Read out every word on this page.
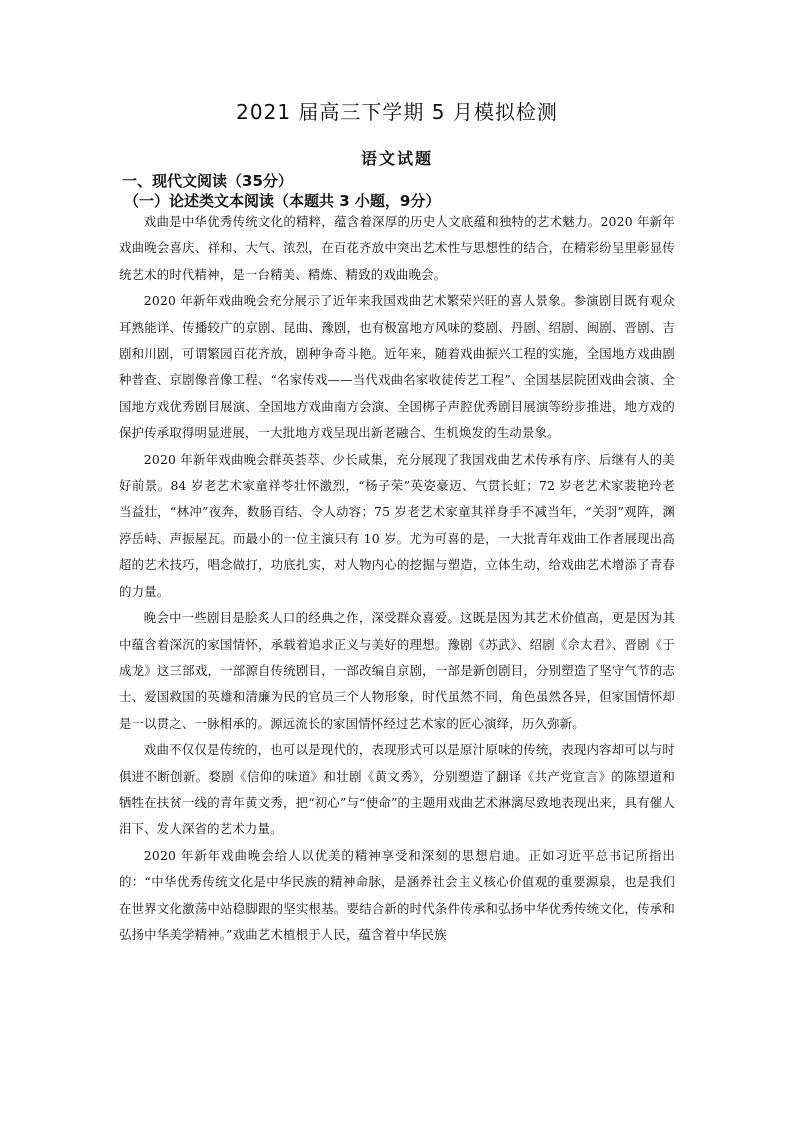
2021 届高三下学期 5 月模拟检测
语文试题
一、现代文阅读（35分）
（一）论述类文本阅读（本题共 3 小题，9分）

戏曲是中华优秀传统文化的精粹，蕴含着深厚的历史人文底蕴和独特的艺术魅力。2020 年新年戏曲晚会喜庆、祥和、大气、浓烈，在百花齐放中突出艺术性与思想性的结合，在精彩纷呈里彰显传统艺术的时代精神，是一台精美、精炼、精致的戏曲晚会。

2020 年新年戏曲晚会充分展示了近年来我国戏曲艺术繁荣兴旺的喜人景象。参演剧目既有观众耳熟能详、传播较广的京剧、昆曲、豫剧，也有极富地方风味的婺剧、丹剧、绍剧、闽剧、晋剧、吉剧和川剧，可谓繁园百花齐放，剧种争奇斗艳。近年来，随着戏曲振兴工程的实施，全国地方戏曲剧种普查、京剧像音像工程、“名家传戏——当代戏曲名家收徒传艺工程”、全国基层院团戏曲会演、全国地方戏优秀剧目展演、全国地方戏曲南方会演、全国梆子声腔优秀剧目展演等纷步推进，地方戏的保护传承取得明显进展，一大批地方戏呈现出新老融合、生机焕发的生动景象。

2020 年新年戏曲晚会群英荟萃、少长咸集，充分展现了我国戏曲艺术传承有序、后继有人的美好前景。84 岁老艺术家童祥苓壮怀激烈，“杨子荣”英姿豪迈、气贯长虹；72 岁老艺术家裴艳玲老当益壮，“林冲”夜奔，数肠百结、令人动容；75 岁老艺术家童其祥身手不减当年，“关羽”观阵，渊渟岳峙、声振屋瓦。而最小的一位主演只有 10 岁。尤为可喜的是，一大批青年戏曲工作者展现出高超的艺术技巧，唱念做打，功底扎实，对人物内心的挖掘与塑造，立体生动，给戏曲艺术增添了青春的力量。

晚会中一些剧目是脍炙人口的经典之作，深受群众喜爱。这既是因为其艺术价值高，更是因为其中蕴含着深沉的家国情怀，承载着追求正义与美好的理想。豫剧《苏武》、绍剧《佘太君》、晋剧《于成龙》这三部戏，一部源自传统剧目，一部改编自京剧，一部是新创剧目，分别塑造了坚守气节的志士、爱国救国的英雄和清廉为民的官员三个人物形象，时代虽然不同，角色虽然各异，但家国情怀却是一以贯之、一脉相承的。源远流长的家国情怀经过艺术家的匠心演绎，历久弥新。

戏曲不仅仅是传统的，也可以是现代的，表现形式可以是原汁原味的传统，表现内容却可以与时俱进不断创新。婺剧《信仰的味道》和壮剧《黄文秀》，分别塑造了翻译《共产党宣言》的陈望道和牺牲在扶贫一线的青年黄文秀，把“初心”与“使命”的主题用戏曲艺术淋漓尽致地表现出来，具有催人泪下、发人深省的艺术力量。

2020 年新年戏曲晚会给人以优美的精神享受和深刻的思想启迪。正如习近平总书记所指出的：“中华优秀传统文化是中华民族的精神命脉，是涵养社会主义核心价值观的重要源泉，也是我们在世界文化激荡中站稳脚跟的坚实根基。要结合新的时代条件传承和弘扬中华优秀传统文化，传承和弘扬中华美学精神。”戏曲艺术植根于人民，蕴含着中华民族
